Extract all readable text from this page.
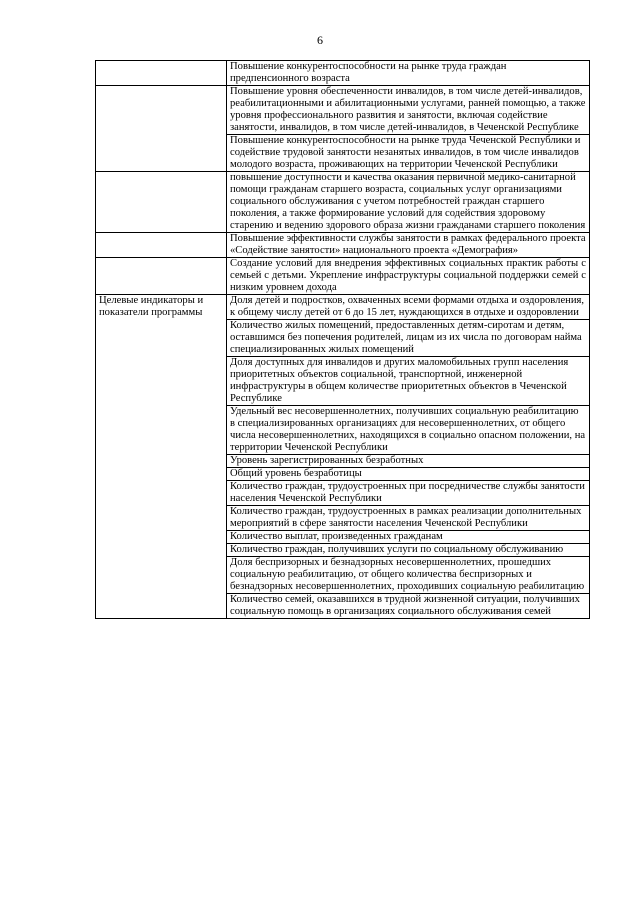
6
	Повышение конкурентоспособности на рынке труда граждан предпенсионного возраста
	Повышение уровня обеспеченности инвалидов, в том числе детей-инвалидов, реабилитационными и абилитационными услугами, ранней помощью, а также уровня профессионального развития и занятости, включая содействие занятости, инвалидов, в том числе детей-инвалидов, в Чеченской Республике
	Повышение конкурентоспособности на рынке труда Чеченской Республики и содействие трудовой занятости незанятых инвалидов, в том числе инвалидов молодого возраста, проживающих на территории Чеченской Республики
	повышение доступности и качества оказания первичной медико-санитарной помощи гражданам старшего возраста, социальных услуг организациями социального обслуживания с учетом потребностей граждан старшего поколения, а также формирование условий для содействия здоровому старению и ведению здорового образа жизни гражданами старшего поколения
	Повышение эффективности службы занятости в рамках федерального проекта «Содействие занятости» национального проекта «Демография»
	Создание условий для внедрения эффективных социальных практик работы с семьей с детьми. Укрепление инфраструктуры социальной поддержки семей с низким уровнем дохода
Целевые индикаторы и показатели программы	Доля детей и подростков, охваченных всеми формами отдыха и оздоровления, к общему числу детей от 6 до 15 лет, нуждающихся в отдыхе и оздоровлении
	Количество жилых помещений, предоставленных детям-сиротам и детям, оставшимся без попечения родителей, лицам из их числа по договорам найма специализированных жилых помещений
	Доля доступных для инвалидов и других маломобильных групп населения приоритетных объектов социальной, транспортной, инженерной инфраструктуры в общем количестве приоритетных объектов в Чеченской Республике
	Удельный вес несовершеннолетних, получивших социальную реабилитацию в специализированных организациях для несовершеннолетних, от общего числа несовершеннолетних, находящихся в социально опасном положении, на территории Чеченской Республики
	Уровень зарегистрированных безработных
	Общий уровень безработицы
	Количество граждан, трудоустроенных при посредничестве службы занятости населения Чеченской Республики
	Количество граждан, трудоустроенных в рамках реализации дополнительных мероприятий в сфере занятости населения Чеченской Республики
	Количество выплат, произведенных гражданам
	Количество граждан, получивших услуги по социальному обслуживанию
	Доля беспризорных и безнадзорных несовершеннолетних, прошедших социальную реабилитацию, от общего количества беспризорных и безнадзорных несовершеннолетних, проходивших социальную реабилитацию
	Количество семей, оказавшихся в трудной жизненной ситуации, получивших социальную помощь в организациях социального обслуживания семей
